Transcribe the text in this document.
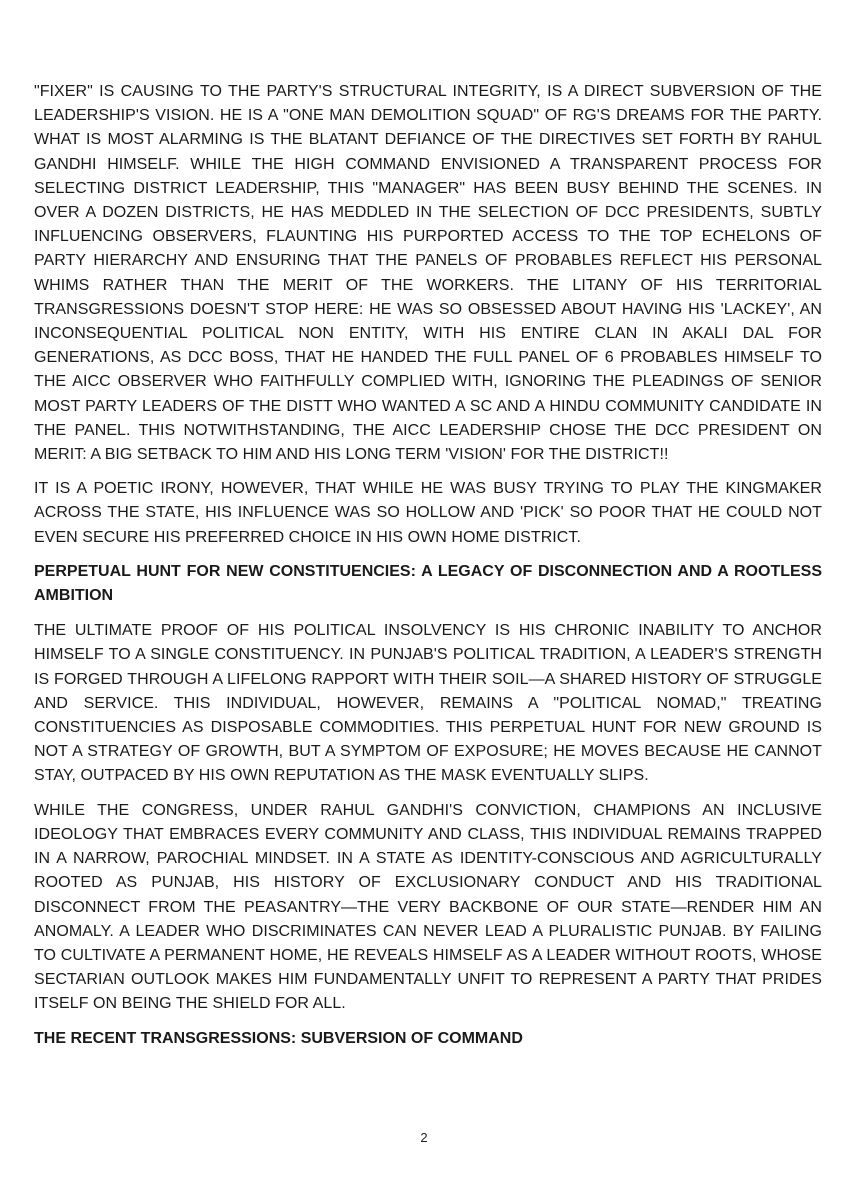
"FIXER" IS CAUSING TO THE PARTY'S STRUCTURAL INTEGRITY, IS A DIRECT SUBVERSION OF THE LEADERSHIP'S VISION. HE IS A "ONE MAN DEMOLITION SQUAD" OF RG'S DREAMS FOR THE PARTY. WHAT IS MOST ALARMING IS THE BLATANT DEFIANCE OF THE DIRECTIVES SET FORTH BY RAHUL GANDHI HIMSELF. WHILE THE HIGH COMMAND ENVISIONED A TRANSPARENT PROCESS FOR SELECTING DISTRICT LEADERSHIP, THIS "MANAGER" HAS BEEN BUSY BEHIND THE SCENES. IN OVER A DOZEN DISTRICTS, HE HAS MEDDLED IN THE SELECTION OF DCC PRESIDENTS, SUBTLY INFLUENCING OBSERVERS, FLAUNTING HIS PURPORTED ACCESS TO THE TOP ECHELONS OF PARTY HIERARCHY AND ENSURING THAT THE PANELS OF PROBABLES REFLECT HIS PERSONAL WHIMS RATHER THAN THE MERIT OF THE WORKERS. THE LITANY OF HIS TERRITORIAL TRANSGRESSIONS DOESN'T STOP HERE: HE WAS SO OBSESSED ABOUT HAVING HIS 'LACKEY', AN INCONSEQUENTIAL POLITICAL NON ENTITY, WITH HIS ENTIRE CLAN IN AKALI DAL FOR GENERATIONS, AS DCC BOSS, THAT HE HANDED THE FULL PANEL OF 6 PROBABLES HIMSELF TO THE AICC OBSERVER WHO FAITHFULLY COMPLIED WITH, IGNORING THE PLEADINGS OF SENIOR MOST PARTY LEADERS OF THE DISTT WHO WANTED A SC AND A HINDU COMMUNITY CANDIDATE IN THE PANEL. THIS NOTWITHSTANDING, THE AICC LEADERSHIP CHOSE THE DCC PRESIDENT ON MERIT: A BIG SETBACK TO HIM AND HIS LONG TERM 'VISION' FOR THE DISTRICT!!

IT IS A POETIC IRONY, HOWEVER, THAT WHILE HE WAS BUSY TRYING TO PLAY THE KINGMAKER ACROSS THE STATE, HIS INFLUENCE WAS SO HOLLOW AND 'PICK' SO POOR THAT HE COULD NOT EVEN SECURE HIS PREFERRED CHOICE IN HIS OWN HOME DISTRICT.

PERPETUAL HUNT FOR NEW CONSTITUENCIES: A LEGACY OF DISCONNECTION AND A ROOTLESS AMBITION

THE ULTIMATE PROOF OF HIS POLITICAL INSOLVENCY IS HIS CHRONIC INABILITY TO ANCHOR HIMSELF TO A SINGLE CONSTITUENCY. IN PUNJAB'S POLITICAL TRADITION, A LEADER'S STRENGTH IS FORGED THROUGH A LIFELONG RAPPORT WITH THEIR SOIL—A SHARED HISTORY OF STRUGGLE AND SERVICE. THIS INDIVIDUAL, HOWEVER, REMAINS A "POLITICAL NOMAD," TREATING CONSTITUENCIES AS DISPOSABLE COMMODITIES. THIS PERPETUAL HUNT FOR NEW GROUND IS NOT A STRATEGY OF GROWTH, BUT A SYMPTOM OF EXPOSURE; HE MOVES BECAUSE HE CANNOT STAY, OUTPACED BY HIS OWN REPUTATION AS THE MASK EVENTUALLY SLIPS.

WHILE THE CONGRESS, UNDER RAHUL GANDHI'S CONVICTION, CHAMPIONS AN INCLUSIVE IDEOLOGY THAT EMBRACES EVERY COMMUNITY AND CLASS, THIS INDIVIDUAL REMAINS TRAPPED IN A NARROW, PAROCHIAL MINDSET. IN A STATE AS IDENTITY-CONSCIOUS AND AGRICULTURALLY ROOTED AS PUNJAB, HIS HISTORY OF EXCLUSIONARY CONDUCT AND HIS TRADITIONAL DISCONNECT FROM THE PEASANTRY—THE VERY BACKBONE OF OUR STATE—RENDER HIM AN ANOMALY. A LEADER WHO DISCRIMINATES CAN NEVER LEAD A PLURALISTIC PUNJAB. BY FAILING TO CULTIVATE A PERMANENT HOME, HE REVEALS HIMSELF AS A LEADER WITHOUT ROOTS, WHOSE SECTARIAN OUTLOOK MAKES HIM FUNDAMENTALLY UNFIT TO REPRESENT A PARTY THAT PRIDES ITSELF ON BEING THE SHIELD FOR ALL.

THE RECENT TRANSGRESSIONS: SUBVERSION OF COMMAND

2
